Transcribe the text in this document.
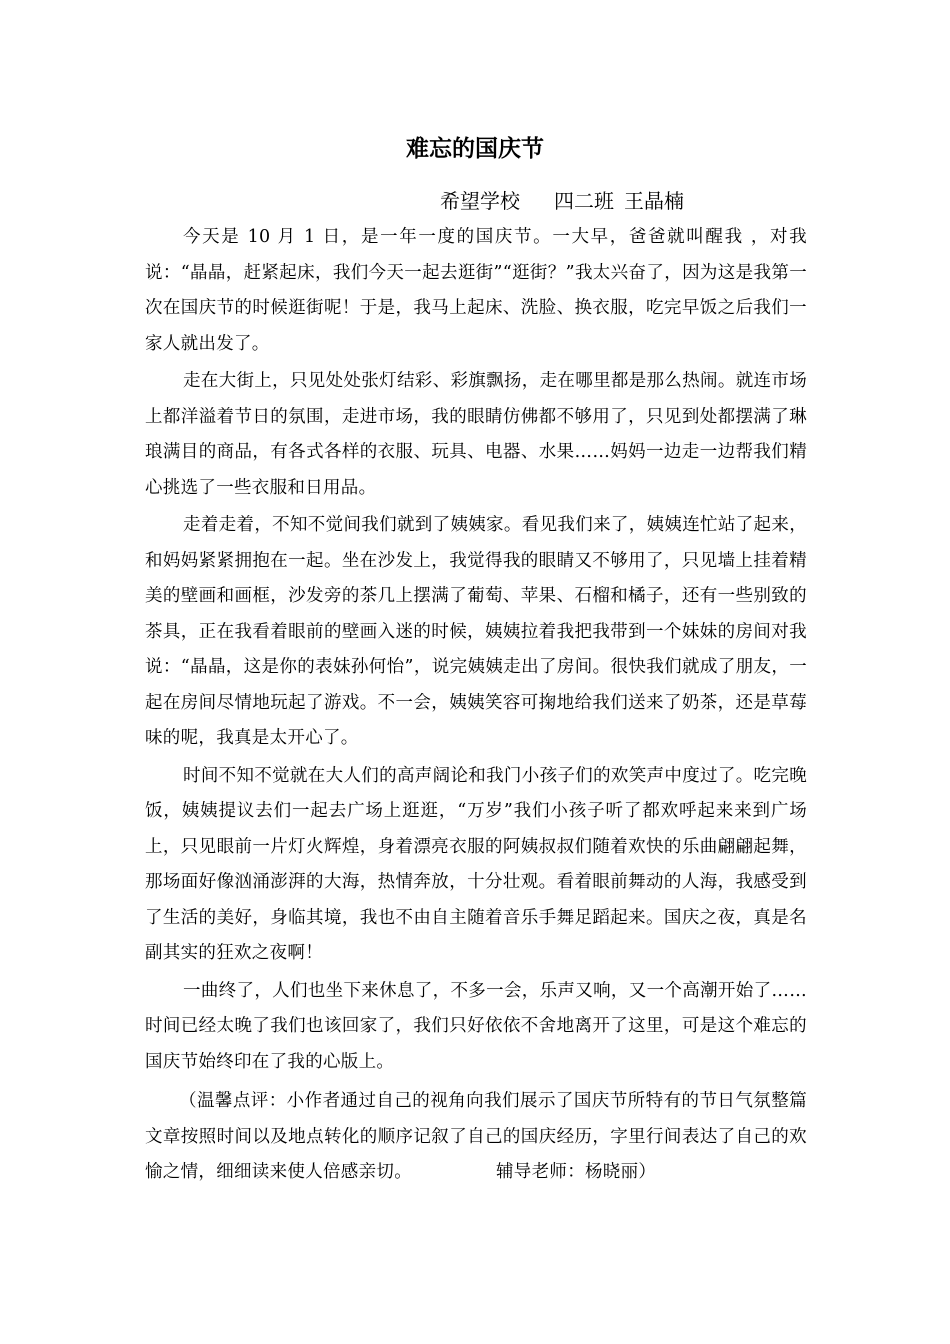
难忘的国庆节
希望学校 四二班 王晶楠

今天是 10 月 1 日，是一年一度的国庆节。一大早，爸爸就叫醒我 ，对我说：“晶晶，赶紧起床，我们今天一起去逛街”“逛街？”我太兴奋了，因为这是我第一次在国庆节的时候逛街呢！于是，我马上起床、洗脸、换衣服，吃完早饭之后我们一家人就出发了。

走在大街上，只见处处张灯结彩、彩旗飘扬，走在哪里都是那么热闹。就连市场上都洋溢着节日的氛围，走进市场，我的眼睛仿佛都不够用了，只见到处都摆满了琳琅满目的商品，有各式各样的衣服、玩具、电器、水果……妈妈一边走一边帮我们精心挑选了一些衣服和日用品。

走着走着，不知不觉间我们就到了姨姨家。看见我们来了，姨姨连忙站了起来，和妈妈紧紧拥抱在一起。坐在沙发上，我觉得我的眼睛又不够用了，只见墙上挂着精美的壁画和画框，沙发旁的茶几上摆满了葡萄、苹果、石榴和橘子，还有一些别致的茶具，正在我看着眼前的壁画入迷的时候，姨姨拉着我把我带到一个妹妹的房间对我说：“晶晶，这是你的表妹孙何怡”，说完姨姨走出了房间。很快我们就成了朋友，一起在房间尽情地玩起了游戏。不一会，姨姨笑容可掬地给我们送来了奶茶，还是草莓味的呢，我真是太开心了。

时间不知不觉就在大人们的高声阔论和我门小孩子们的欢笑声中度过了。吃完晚饭，姨姨提议去们一起去广场上逛逛，“万岁”我们小孩子听了都欢呼起来来到广场上，只见眼前一片灯火辉煌，身着漂亮衣服的阿姨叔叔们随着欢快的乐曲翩翩起舞，那场面好像汹涌澎湃的大海，热情奔放，十分壮观。看着眼前舞动的人海，我感受到了生活的美好，身临其境，我也不由自主随着音乐手舞足蹈起来。国庆之夜，真是名副其实的狂欢之夜啊！

一曲终了，人们也坐下来休息了，不多一会，乐声又响，又一个高潮开始了……时间已经太晚了我们也该回家了，我们只好依依不舍地离开了这里，可是这个难忘的国庆节始终印在了我的心版上。

（温馨点评：小作者通过自己的视角向我们展示了国庆节所特有的节日气氛整篇文章按照时间以及地点转化的顺序记叙了自己的国庆经历，字里行间表达了自己的欢愉之情，细细读来使人倍感亲切。	辅导老师：杨晓丽）
